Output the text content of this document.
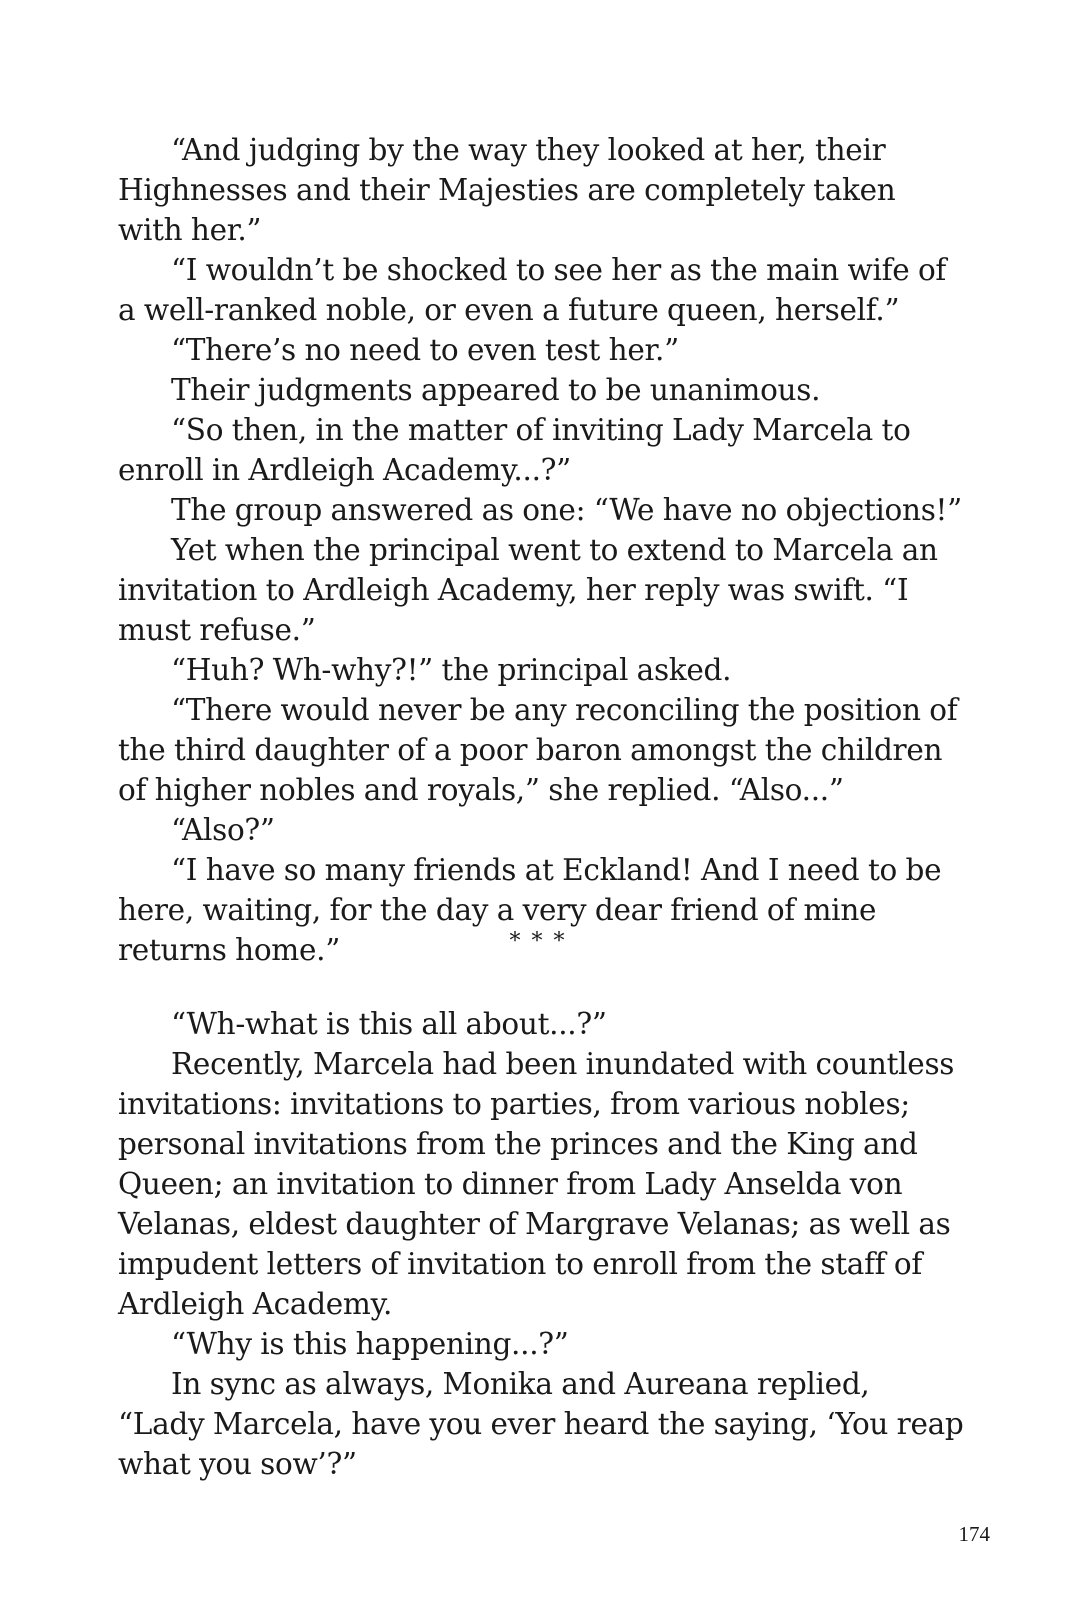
“And judging by the way they looked at her, their Highnesses and their Majesties are completely taken with her.”

“I wouldn’t be shocked to see her as the main wife of a well-ranked noble, or even a future queen, herself.”

“There’s no need to even test her.”

Their judgments appeared to be unanimous.

“So then, in the matter of inviting Lady Marcela to enroll in Ardleigh Academy...?”

The group answered as one: “We have no objections!”

Yet when the principal went to extend to Marcela an invitation to Ardleigh Academy, her reply was swift. “I must refuse.”

“Huh? Wh-why?!” the principal asked.

“There would never be any reconciling the position of the third daughter of a poor baron amongst the children of higher nobles and royals,” she replied. “Also...”

“Also?”

“I have so many friends at Eckland! And I need to be here, waiting, for the day a very dear friend of mine returns home.”	* * *

“Wh-what is this all about...?”

Recently, Marcela had been inundated with countless invitations: invitations to parties, from various nobles; personal invitations from the princes and the King and Queen; an invitation to dinner from Lady Anselda von Velanas, eldest daughter of Margrave Velanas; as well as impudent letters of invitation to enroll from the staff of Ardleigh Academy.

“Why is this happening...?”

In sync as always, Monika and Aureana replied, “Lady Marcela, have you ever heard the saying, ‘You reap what you sow’?”

174
